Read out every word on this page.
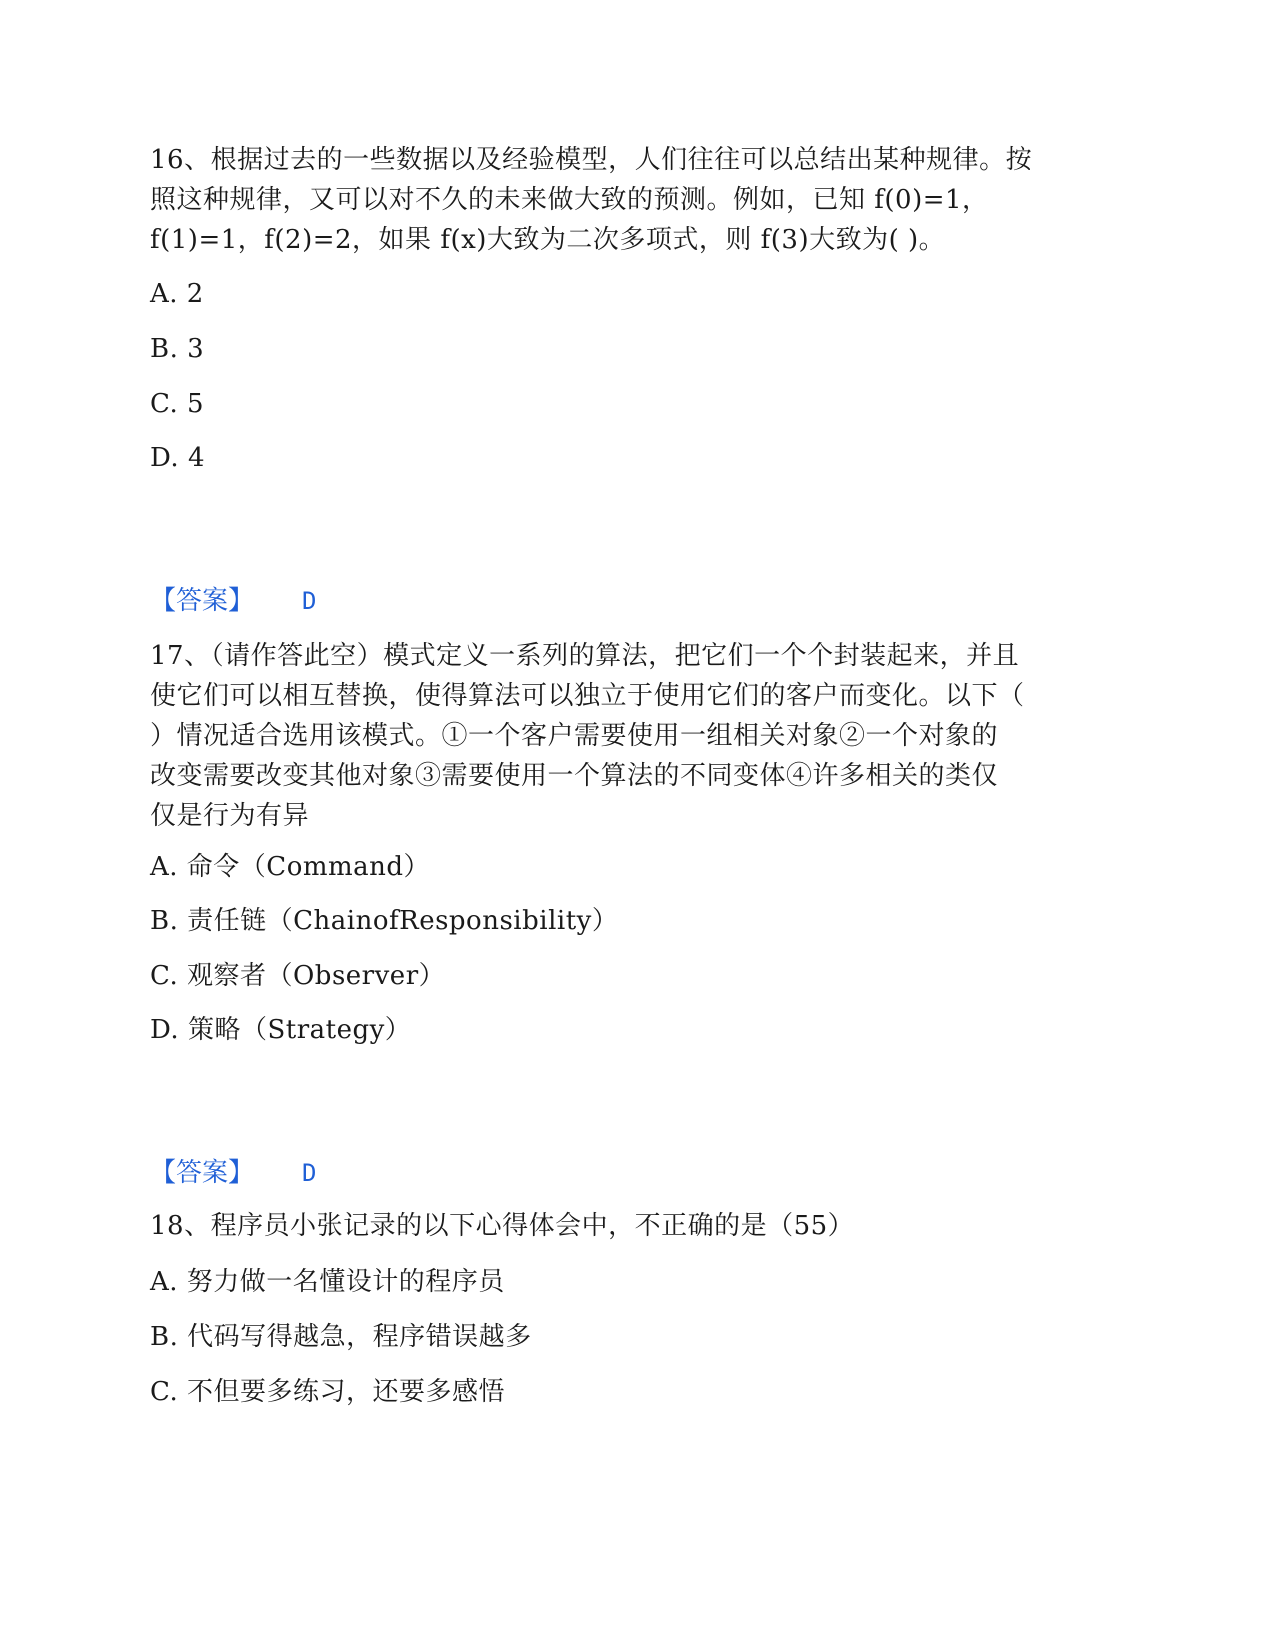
16、根据过去的一些数据以及经验模型，人们往往可以总结出某种规律。按
照这种规律，又可以对不久的未来做大致的预测。例如，已知 f(0)=1，
f(1)=1，f(2)=2，如果 f(x)大致为二次多项式，则 f(3)大致为( )。
A. 2
B. 3
C. 5
D. 4
【答案】 D
17、（请作答此空）模式定义一系列的算法，把它们一个个封装起来，并且
使它们可以相互替换，使得算法可以独立于使用它们的客户而变化。以下（
）情况适合选用该模式。①一个客户需要使用一组相关对象②一个对象的
改变需要改变其他对象③需要使用一个算法的不同变体④许多相关的类仅
仅是行为有异
A. 命令（Command）
B. 责任链（ChainofResponsibility）
C. 观察者（Observer）
D. 策略（Strategy）
【答案】 D
18、程序员小张记录的以下心得体会中，不正确的是（55）
A. 努力做一名懂设计的程序员
B. 代码写得越急，程序错误越多
C. 不但要多练习，还要多感悟
